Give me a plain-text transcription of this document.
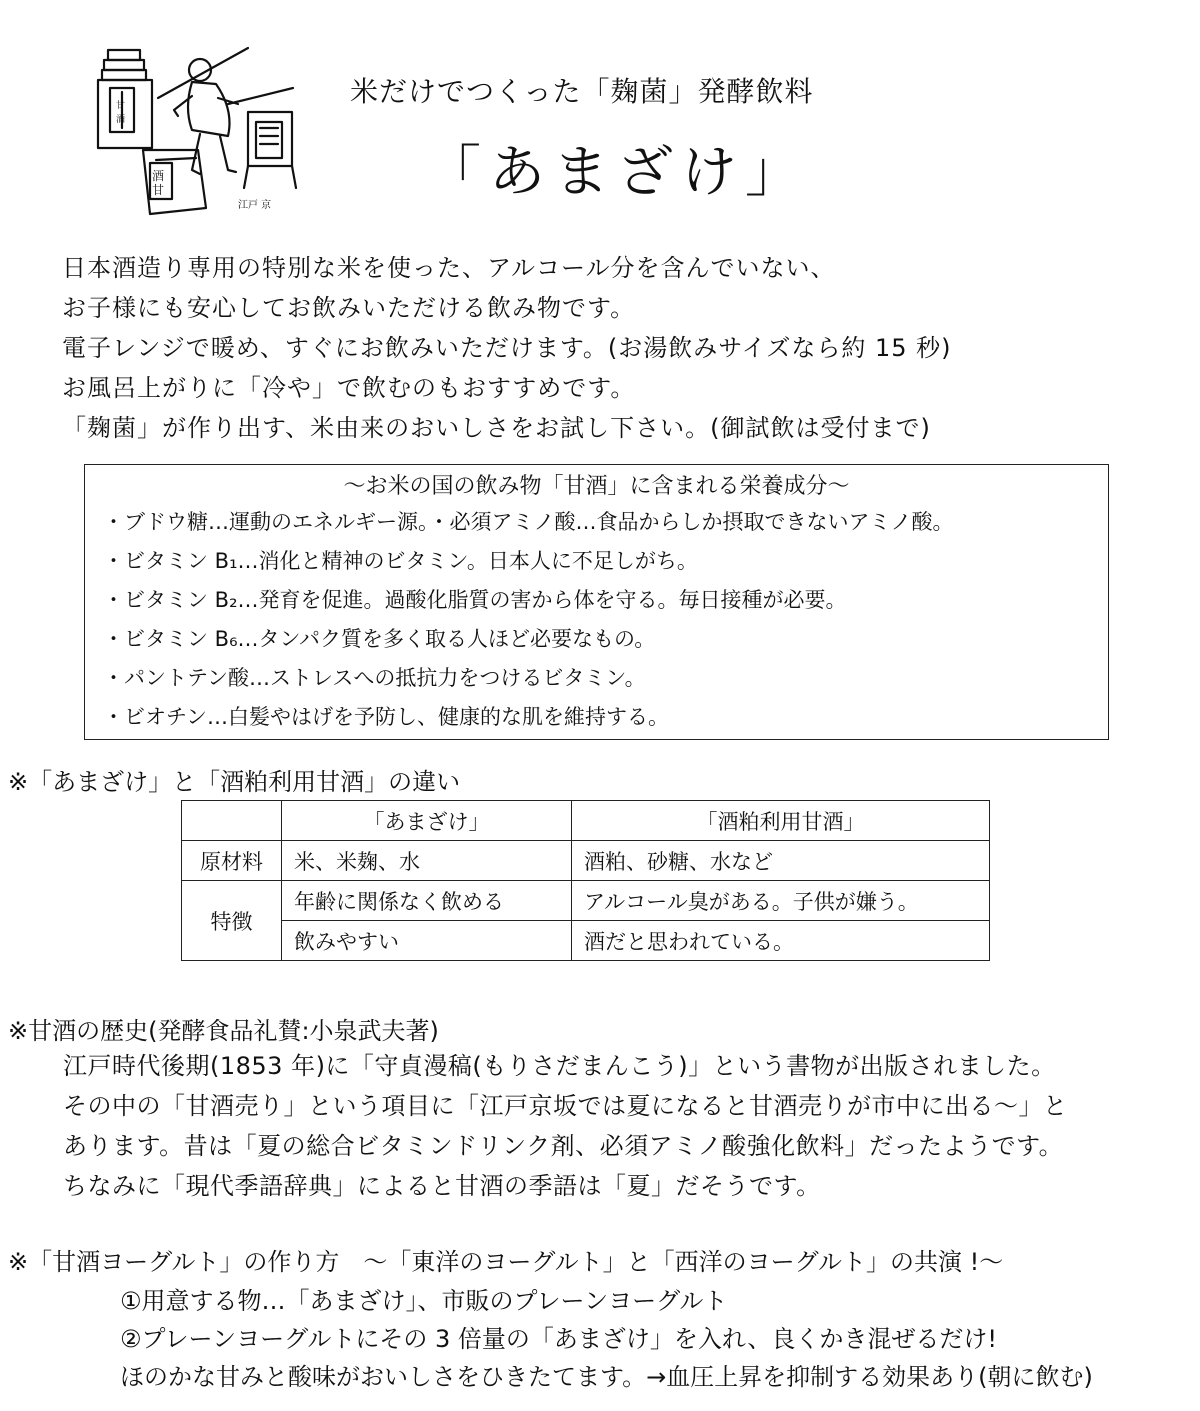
甘
酒
酒
甘
江戸 京
米だけでつくった「麹菌」発酵飲料
「あまざけ」
日本酒造り専用の特別な米を使った、アルコール分を含んでいない、
お子様にも安心してお飲みいただける飲み物です。
電子レンジで暖め、すぐにお飲みいただけます。(お湯飲みサイズなら約 15 秒)
お風呂上がりに「冷や」で飲むのもおすすめです。
「麹菌」が作り出す、米由来のおいしさをお試し下さい。(御試飲は受付まで)
～お米の国の飲み物「甘酒」に含まれる栄養成分～
・ブドウ糖…運動のエネルギー源。・必須アミノ酸…食品からしか摂取できないアミノ酸。
・ビタミン B₁…消化と精神のビタミン。日本人に不足しがち。
・ビタミン B₂…発育を促進。過酸化脂質の害から体を守る。毎日接種が必要。
・ビタミン B₆…タンパク質を多く取る人ほど必要なもの。
・パントテン酸…ストレスへの抵抗力をつけるビタミン。
・ビオチン…白髪やはげを予防し、健康的な肌を維持する。
※「あまざけ」と「酒粕利用甘酒」の違い
	「あまざけ」	「酒粕利用甘酒」
原材料	米、米麹、水	酒粕、砂糖、水など
特徴	年齢に関係なく飲める	アルコール臭がある。子供が嫌う。
	飲みやすい	酒だと思われている。
※甘酒の歴史(発酵食品礼賛:小泉武夫著)
江戸時代後期(1853 年)に「守貞漫稿(もりさだまんこう)」という書物が出版されました。
その中の「甘酒売り」という項目に「江戸京坂では夏になると甘酒売りが市中に出る～」と
あります。昔は「夏の総合ビタミンドリンク剤、必須アミノ酸強化飲料」だったようです。
ちなみに「現代季語辞典」によると甘酒の季語は「夏」だそうです。
※「甘酒ヨーグルト」の作り方　～「東洋のヨーグルト」と「西洋のヨーグルト」の共演 !～
①用意する物…「あまざけ」、市販のプレーンヨーグルト
②プレーンヨーグルトにその 3 倍量の「あまざけ」を入れ、良くかき混ぜるだけ!
ほのかな甘みと酸味がおいしさをひきたてます。→血圧上昇を抑制する効果あり(朝に飲む)
